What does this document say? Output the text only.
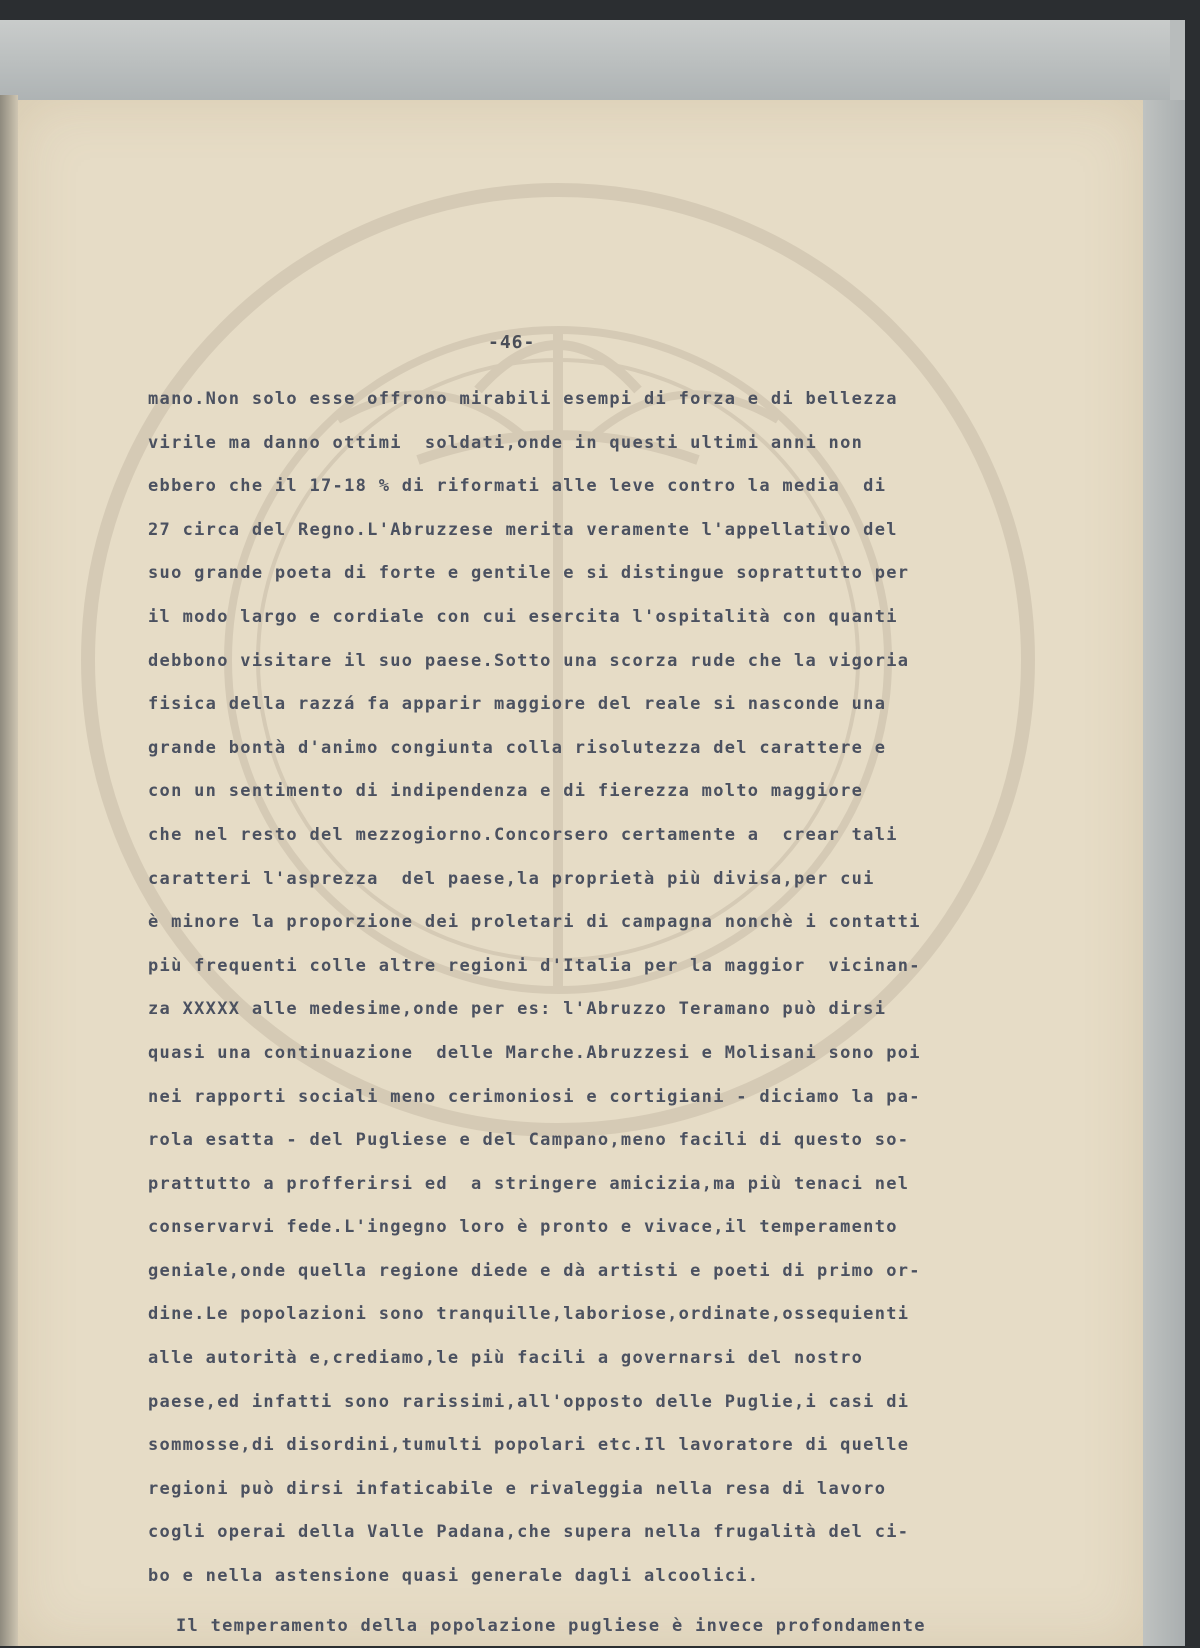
-46-
mano.Non solo esse offrono mirabili esempi di forza e di bellezza
virile ma danno ottimi  soldati,onde in questi ultimi anni non
ebbero che il 17-18 % di riformati alle leve contro la media  di
27 circa del Regno.L'Abruzzese merita veramente l'appellativo del
suo grande poeta di forte e gentile e si distingue soprattutto per
il modo largo e cordiale con cui esercita l'ospitalità con quanti
debbono visitare il suo paese.Sotto una scorza rude che la vigoria
fisica della razzá fa apparir maggiore del reale si nasconde una
grande bontà d'animo congiunta colla risolutezza del carattere e
con un sentimento di indipendenza e di fierezza molto maggiore
che nel resto del mezzogiorno.Concorsero certamente a  crear tali
caratteri l'asprezza  del paese,la proprietà più divisa,per cui
è minore la proporzione dei proletari di campagna nonchè i contatti
più frequenti colle altre regioni d'Italia per la maggior  vicinan-
za XXXXX alle medesime,onde per es: l'Abruzzo Teramano può dirsi
quasi una continuazione  delle Marche.Abruzzesi e Molisani sono poi
nei rapporti sociali meno cerimoniosi e cortigiani - diciamo la pa-
rola esatta - del Pugliese e del Campano,meno facili di questo so-
prattutto a profferirsi ed  a stringere amicizia,ma più tenaci nel
conservarvi fede.L'ingegno loro è pronto e vivace,il temperamento
geniale,onde quella regione diede e dà artisti e poeti di primo or-
dine.Le popolazioni sono tranquille,laboriose,ordinate,ossequienti
alle autorità e,crediamo,le più facili a governarsi del nostro
paese,ed infatti sono rarissimi,all'opposto delle Puglie,i casi di
sommosse,di disordini,tumulti popolari etc.Il lavoratore di quelle
regioni può dirsi infaticabile e rivaleggia nella resa di lavoro
cogli operai della Valle Padana,che supera nella frugalità del ci-
bo e nella astensione quasi generale dagli alcoolici.
Il temperamento della popolazione pugliese è invece profondamente
